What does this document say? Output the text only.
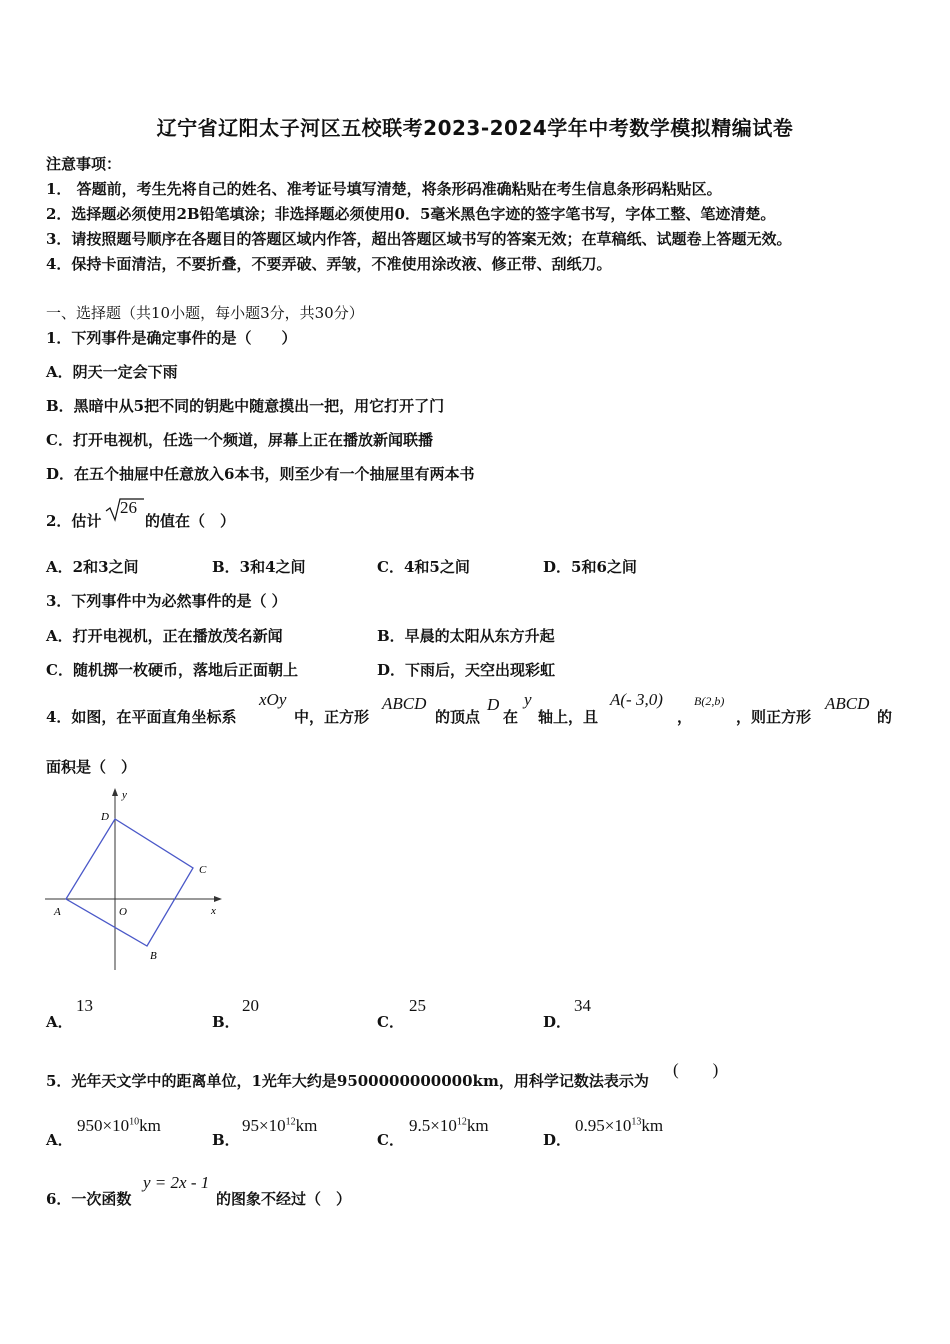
辽宁省辽阳太子河区五校联考2023-2024学年中考数学模拟精编试卷
注意事项：
1． 答题前，考生先将自己的姓名、准考证号填写清楚，将条形码准确粘贴在考生信息条形码粘贴区。
2．选择题必须使用2B铅笔填涂；非选择题必须使用0．5毫米黑色字迹的签字笔书写，字体工整、笔迹清楚。
3．请按照题号顺序在各题目的答题区域内作答，超出答题区域书写的答案无效；在草稿纸、试题卷上答题无效。
4．保持卡面清洁，不要折叠，不要弄破、弄皱，不准使用涂改液、修正带、刮纸刀。
一、选择题（共10小题，每小题3分，共30分）
1．下列事件是确定事件的是（　　）
A．阴天一定会下雨
B．黑暗中从5把不同的钥匙中随意摸出一把，用它打开了门
C．打开电视机，任选一个频道，屏幕上正在播放新闻联播
D．在五个抽屉中任意放入6本书，则至少有一个抽屉里有两本书
2．估计
26
的值在（　）
A．2和3之间	B．3和4之间	C．4和5之间	D．5和6之间
3．下列事件中为必然事件的是（ ）
A．打开电视机，正在播放茂名新闻	B．早晨的太阳从东方升起
C．随机掷一枚硬币，落地后正面朝上	D．下雨后，天空出现彩虹
4．如图，在平面直角坐标系
xOy
中，正方形
ABCD
的顶点
D
在
y
轴上，且
A(- 3,0)
，
B(2,b)
，则正方形
ABCD
的
面积是（　）
y
x
A
B
C
D
O
A．
13
B．
20
C．
25
D．
34
5．光年天文学中的距离单位，1光年大约是9500000000000km，用科学记数法表示为
(　　)
A．
$950\times 10^{10}km$
B．
$95\times 10^{12}km$
C．
$9.5\times 10^{12}km$
D．
$0.95\times 10^{13}km$
6．一次函数
y = 2x - 1
的图象不经过（　）
